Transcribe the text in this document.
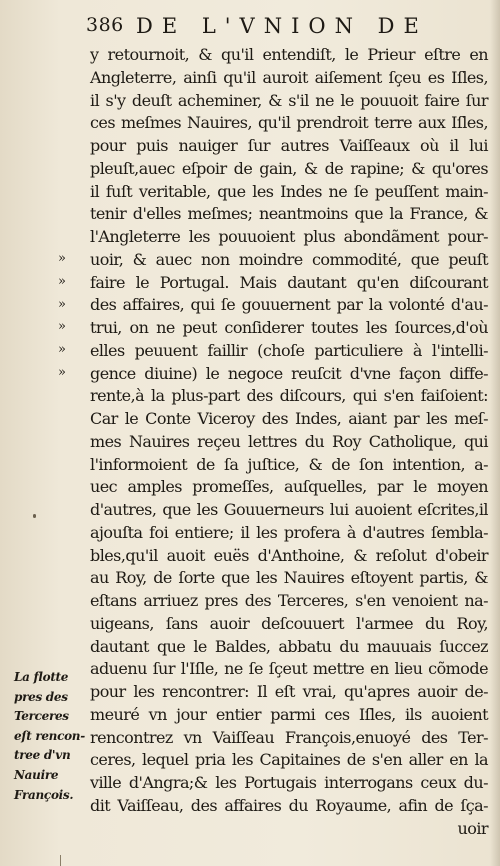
386 DE L'VNION DE
»
»
»
»
»
»
y retournoit, & qu'il entendiſt, le Prieur eſtre en
Angleterre, ainſi qu'il auroit aiſement ſçeu es Iſles,
il s'y deuſt acheminer, & s'il ne le pouuoit faire ſur
ces meſmes Nauires, qu'il prendroit terre aux Iſles,
pour puis nauiger ſur autres Vaiſſeaux où il lui
pleuſt,auec eſpoir de gain, & de rapine; & qu'ores
il fuſt veritable, que les Indes ne ſe peuſſent main-
tenir d'elles meſmes; neantmoins que la France, &
l'Angleterre les pouuoient plus abondãment pour-
uoir, & auec non moindre commodité, que peuſt
faire le Portugal. Mais dautant qu'en diſcourant
des affaires, qui ſe gouuernent par la volonté d'au-
trui, on ne peut conſiderer toutes les ſources,d'où
elles peuuent faillir (choſe particuliere à l'intelli-
gence diuine) le negoce reuſcit d'vne façon diffe-
rente,à la plus-part des diſcours, qui s'en faiſoient:
Car le Conte Viceroy des Indes, aiant par les meſ-
mes Nauires reçeu lettres du Roy Catholique, qui
l'informoient de ſa juſtice, & de ſon intention, a-
uec amples promeſſes, auſquelles, par le moyen
d'autres, que les Gouuerneurs lui auoient eſcrites,il
ajouſta foi entiere; il les profera à d'autres ſembla-
bles,qu'il auoit euës d'Anthoine, & reſolut d'obeir
au Roy, de ſorte que les Nauires eſtoyent partis, &
eſtans arriuez pres des Terceres, s'en venoient na-
uigeans, ſans auoir deſcouuert l'armee du Roy,
dautant que le Baldes, abbatu du mauuais ſuccez
aduenu ſur l'Iſle, ne ſe ſçeut mettre en lieu cõmode
pour les rencontrer: Il eſt vrai, qu'apres auoir de-
meuré vn jour entier parmi ces Iſles, ils auoient
rencontrez vn Vaiſſeau François,enuoyé des Ter-
ceres, lequel pria les Capitaines de s'en aller en la
ville d'Angra;& les Portugais interrogans ceux du-
dit Vaiſſeau, des affaires du Royaume, afin de ſça-
uoir
La flotte
pres des
Terceres
eſt rencon-
tree d'vn
Nauire
François.
